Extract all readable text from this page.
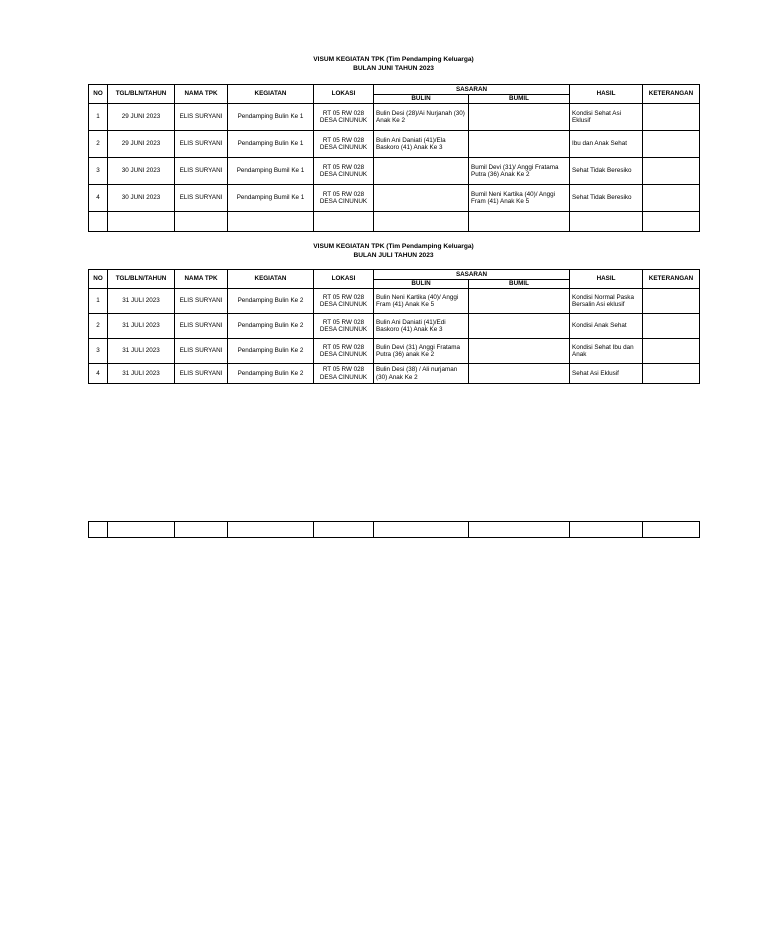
VISUM KEGIATAN TPK (Tim Pendamping Keluarga)
BULAN JUNI TAHUN 2023
NO	TGL/BLN/TAHUN	NAMA TPK	KEGIATAN	LOKASI	SASARAN		HASIL	KETERANGAN
					BULIN	BUMIL		
1	29 JUNI 2023	ELIS SURYANI	Pendamping Bulin Ke 1	RT 05 RW 028 DESA CINUNUK	Bulin Desi (28)/Ai Nurjanah (30) Anak Ke 2		Kondisi Sehat Asi Eklusif	
2	29 JUNI 2023	ELIS SURYANI	Pendamping Bulin Ke 1	RT 05 RW 028 DESA CINUNUK	Bulin Ani Daniati (41)/Ela Baskoro (41) Anak Ke 3		Ibu dan Anak Sehat	
3	30 JUNI 2023	ELIS SURYANI	Pendamping Bumil Ke 1	RT 05 RW 028 DESA CINUNUK		Bumil Devi (31)/ Anggi Fratama Putra (36) Anak Ke 2	Sehat Tidak Beresiko	
4	30 JUNI 2023	ELIS SURYANI	Pendamping Bumil Ke 1	RT 05 RW 028 DESA CINUNUK		Bumil Neni Kartika (40)/ Anggi Fram (41) Anak Ke 5	Sehat Tidak Beresiko	

VISUM KEGIATAN TPK (Tim Pendamping Keluarga)
BULAN JULI TAHUN 2023
NO	TGL/BLN/TAHUN	NAMA TPK	KEGIATAN	LOKASI	SASARAN		HASIL	KETERANGAN
					BULIN	BUMIL		
1	31 JULI 2023	ELIS SURYANI	Pendamping Bulin Ke 2	RT 05 RW 028 DESA CINUNUK	Bulin Neni Kartika (40)/ Anggi Fram (41) Anak Ke 5		Kondisi Normal Paska Bersalin Asi eklusif	
2	31 JULI 2023	ELIS SURYANI	Pendamping Bulin Ke 2	RT 05 RW 028 DESA CINUNUK	Bulin Ani Daniati (41)/Edi Baskoro (41) Anak Ke 3		Kondisi Anak Sehat	
3	31 JULI 2023	ELIS SURYANI	Pendamping Bulin Ke 2	RT 05 RW 028 DESA CINUNUK	Bulin Devi (31) Anggi Fratama Putra (36) anak Ke 2		Kondisi Sehat Ibu dan Anak	
4	31 JULI 2023	ELIS SURYANI	Pendamping Bulin Ke 2	RT 05 RW 028 DESA CINUNUK	Bulin Desi (38) / Ali nurjaman (30) Anak Ke 2		Sehat Asi Eklusif	
